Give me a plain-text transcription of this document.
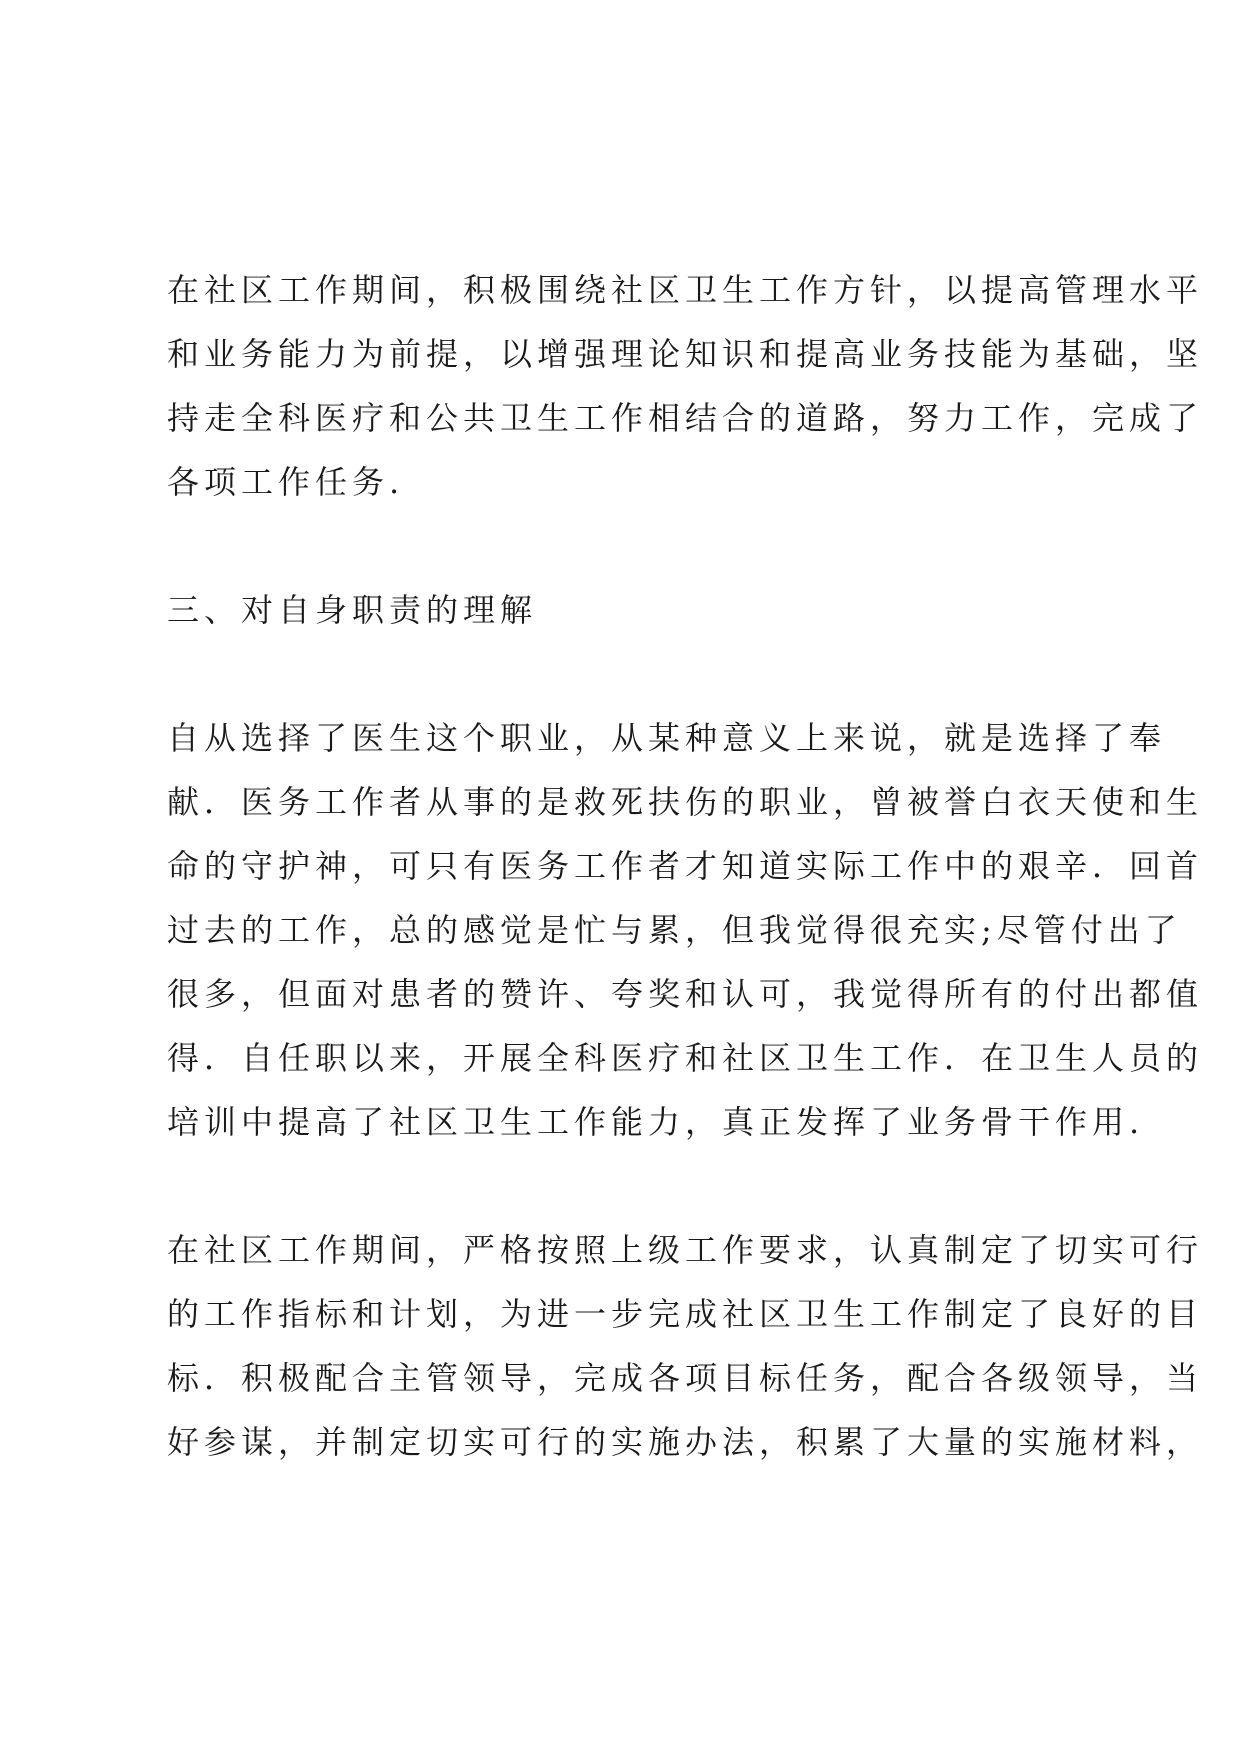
在社区工作期间，积极围绕社区卫生工作方针，以提高管理水平
和业务能力为前提，以增强理论知识和提高业务技能为基础，坚
持走全科医疗和公共卫生工作相结合的道路，努力工作，完成了
各项工作任务.
三、对自身职责的理解
自从选择了医生这个职业，从某种意义上来说，就是选择了奉
献．医务工作者从事的是救死扶伤的职业，曾被誉白衣天使和生
命的守护神，可只有医务工作者才知道实际工作中的艰辛．回首
过去的工作，总的感觉是忙与累，但我觉得很充实;尽管付出了
很多，但面对患者的赞许、夸奖和认可，我觉得所有的付出都值
得．自任职以来，开展全科医疗和社区卫生工作．在卫生人员的
培训中提高了社区卫生工作能力，真正发挥了业务骨干作用.
在社区工作期间，严格按照上级工作要求，认真制定了切实可行
的工作指标和计划，为进一步完成社区卫生工作制定了良好的目
标．积极配合主管领导，完成各项目标任务，配合各级领导，当
好参谋，并制定切实可行的实施办法，积累了大量的实施材料，
